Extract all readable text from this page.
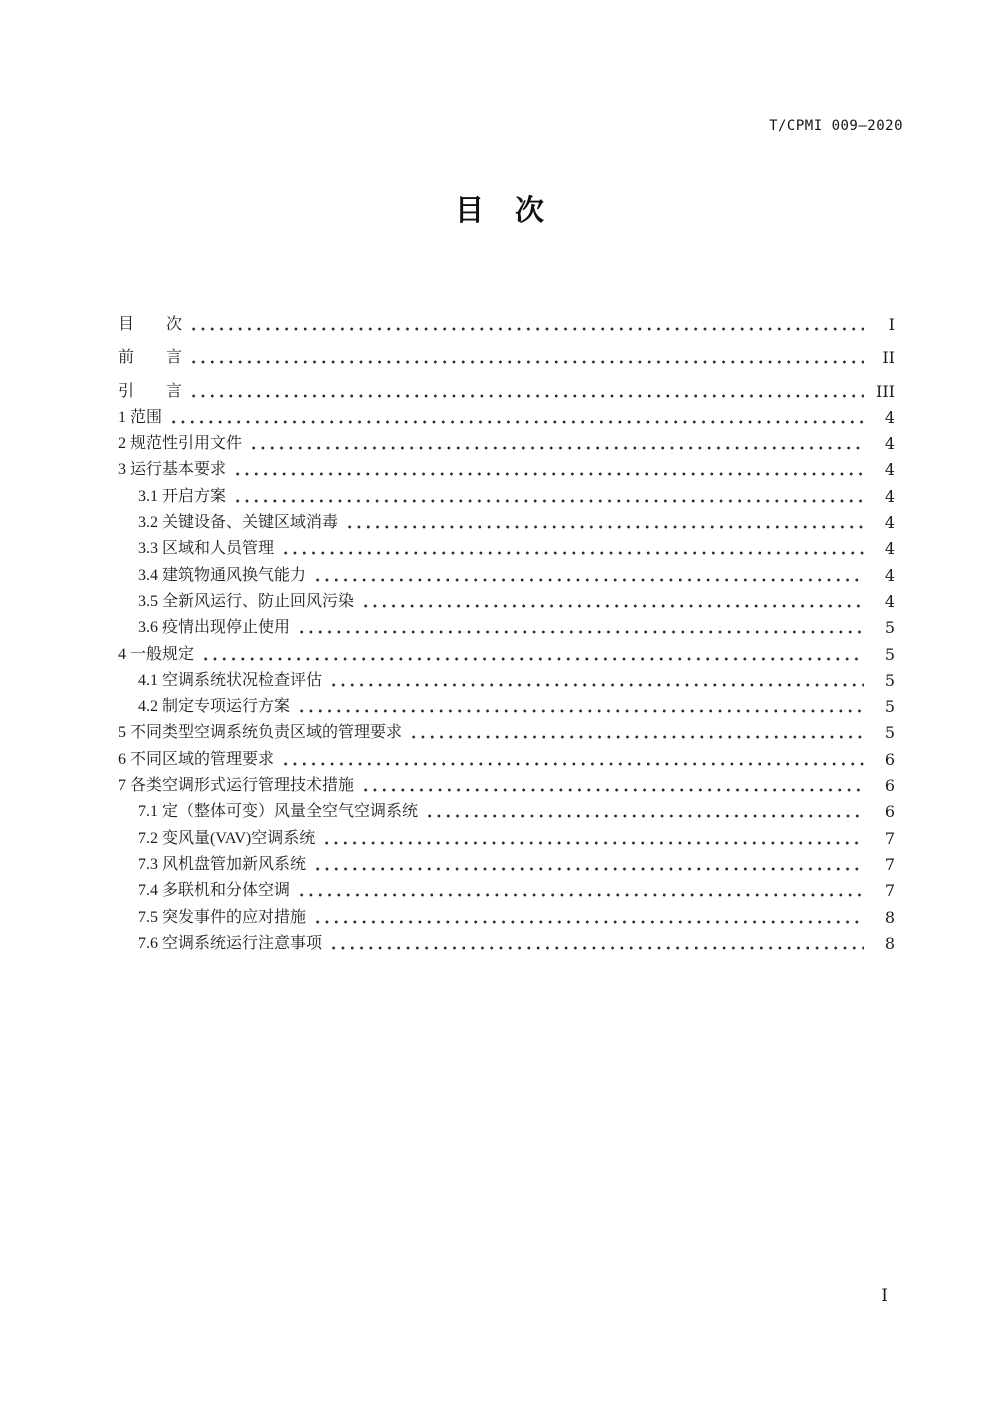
T/CPMI 009—2020
目　次
目　　次	I
前　　言	II
引　　言	III
1 范围	4
2 规范性引用文件	4
3 运行基本要求	4
3.1 开启方案	4
3.2 关键设备、关键区域消毒	4
3.3 区域和人员管理	4
3.4 建筑物通风换气能力	4
3.5 全新风运行、防止回风污染	4
3.6 疫情出现停止使用	5
4 一般规定	5
4.1 空调系统状况检查评估	5
4.2 制定专项运行方案	5
5 不同类型空调系统负责区域的管理要求	5
6 不同区域的管理要求	6
7 各类空调形式运行管理技术措施	6
7.1 定（整体可变）风量全空气空调系统	6
7.2 变风量(VAV)空调系统	7
7.3 风机盘管加新风系统	7
7.4 多联机和分体空调	7
7.5 突发事件的应对措施	8
7.6 空调系统运行注意事项	8
I
